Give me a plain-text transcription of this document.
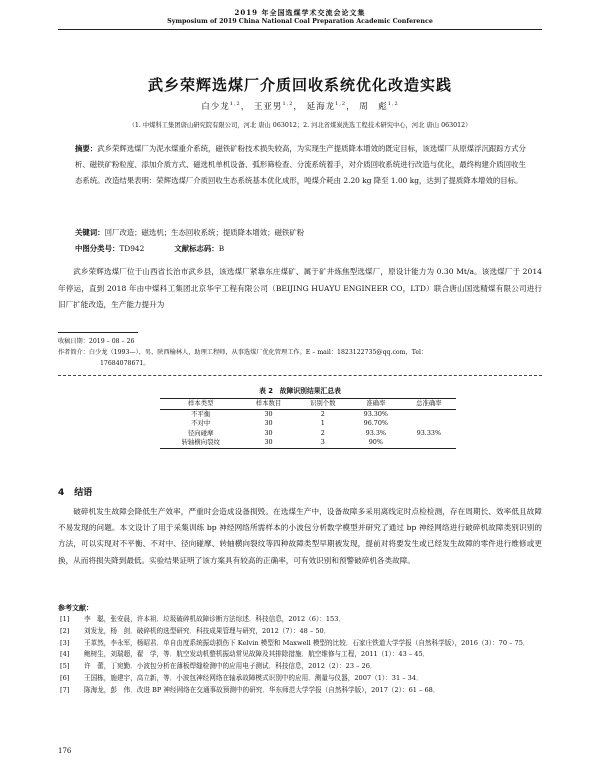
2019 年全国选煤学术交流会论文集
Symposium of 2019 China National Coal Preparation Academic Conference
武乡荣辉选煤厂介质回收系统优化改造实践
白少龙$^{1,2}$， 王亚男$^{1,2}$， 延海龙$^{1,2}$， 周　彪$^{1,2}$
（1. 中煤科工集团唐山研究院有限公司，河北 唐山 063012；2. 河北省煤炭洗选工程技术研究中心，河北 唐山 063012）
摘要：武乡荣辉选煤厂为泥水煤重介系统，磁铁矿粉技术损失较高，为实现生产提质降本增效的既定目标，该选煤厂从原煤浮沉跟踪方式分析、磁铁矿粉粒度、添加介质方式、磁选机单机设备、弧形筛检查、分流系统着手，对介质回收系统进行改造与优化，最终构建介质回收生态系统。改造结果表明：荣辉选煤厂介质回收生态系统基本优化成形，吨煤介耗由 2.20 kg 降至 1.00 kg，达到了提质降本增效的目标。
关键词：回厂改造；磁选机；生态回收系统；提质降本增效；磁铁矿粉
中图分类号：TD942	文献标志码：B
武乡荣辉选煤厂位于山西省长治市武乡县，该选煤厂紧靠东庄煤矿、属于矿井炼焦型选煤厂，原设计能力为 0.30 Mt/a。该选煤厂于 2014 年停运，直到 2018 年由中煤科工集团北京华宇工程有限公司（BEIJING HUAYU ENGINEER CO，LTD）联合唐山国选精煤有限公司进行旧厂扩能改造，生产能力提升为
收稿日期：2019 – 08 – 26
作者简介：白少龙（1993—），男，陕西榆林人，助理工程师，从事选煤厂优化管理工作。E – mail：1823122735@qq.com，Tel：
17684078671。
表 2　故障识别结果汇总表
样本类型	样本数目	识别个数	准确率	总准确率
不平衡	30	2	93.30%	
不对中	30	1	96.70%	
径向碰摩	30	2	93.3%	93.33%
转轴横向裂纹	30	3	90%	
4 结语
破碎机发生故障会降低生产效率，严重时会造成设备损毁。在选煤生产中，设备故障多采用离线定时点检检测，存在周期长、效率低且故障不易发现的问题。本文设计了用于采集训练 bp 神经网络所需样本的小波包分析数学模型并研究了通过 bp 神经网络进行破碎机故障类别识别的方法，可以实现对不平衡、不对中、径向碰摩、转轴横向裂纹等四种故障类型早期被发现，提前对将要发生或已经发生故障的零件进行维修或更换，从而将损失降到最低。实验结果证明了该方案具有较高的正确率，可有效识别和预警破碎机各类故障。
参考文献：
[1] 李　聪，张安晨，许本祖．垃圾破碎机故障诊断方法综述．科技信息，2012（6）：153．
[2] 刘发龙，杨　剑．破碎机的选型研究．科技成果管理与研究，2012（7）：48 – 50．
[3] 王革然，李永军，杨昭君．单自由度系统振动损伤下 Kelvin 模型和 Maxwell 模型的比较．石家庄铁道大学学报（自然科学版），2016（3）：70 – 75．
[4] 鲍树生，刘瑞超，翟　学，等．航空发动机整机振动常见故障及其排除措施．航空维修与工程，2011（1）：43 – 45．
[5] 许　蕾，丁宛勤．小波包分析在薄板焊缝检测中的应用电子测试．科技信息，2012（2）：23 – 26．
[6] 王国栋，施建宇，高立新，等．小波包神经网络在轴承故障模式识别中的应用．测量与仪器，2007（1）：31 – 34．
[7] 陈海龙，彭　伟．改进 BP 神经网络在交通事故预测中的研究．华东师范大学学报（自然科学版），2017（2）：61 – 68．
176
